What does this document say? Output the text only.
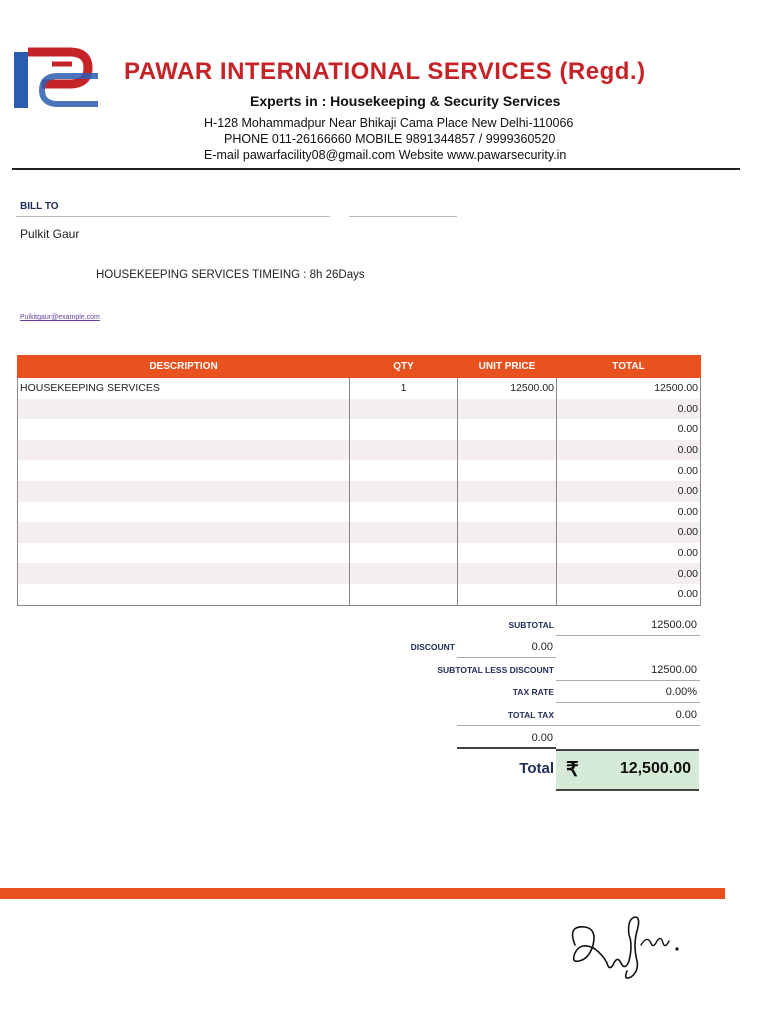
PAWAR INTERNATIONAL SERVICES (Regd.)
Experts in : Housekeeping & Security Services
H-128 Mohammadpur Near Bhikaji Cama Place New Delhi-110066
PHONE 011-26166660 MOBILE 9891344857 / 9999360520
E-mail pawarfacility08@gmail.com Website www.pawarsecurity.in
BILL TO
Pulkit Gaur
HOUSEKEEPING SERVICES TIMEING : 8h 26Days
Pulkitgaur@example.com
DESCRIPTION	QTY	UNIT PRICE	TOTAL
HOUSEKEEPING SERVICES	1	12500.00	12500.00
			0.00
			0.00
			0.00
			0.00
			0.00
			0.00
			0.00
			0.00
			0.00
			0.00
SUBTOTAL	12500.00
DISCOUNT	0.00
SUBTOTAL LESS DISCOUNT	12500.00
TAX RATE	0.00%
TOTAL TAX	0.00
0.00
Total ₹	12,500.00
